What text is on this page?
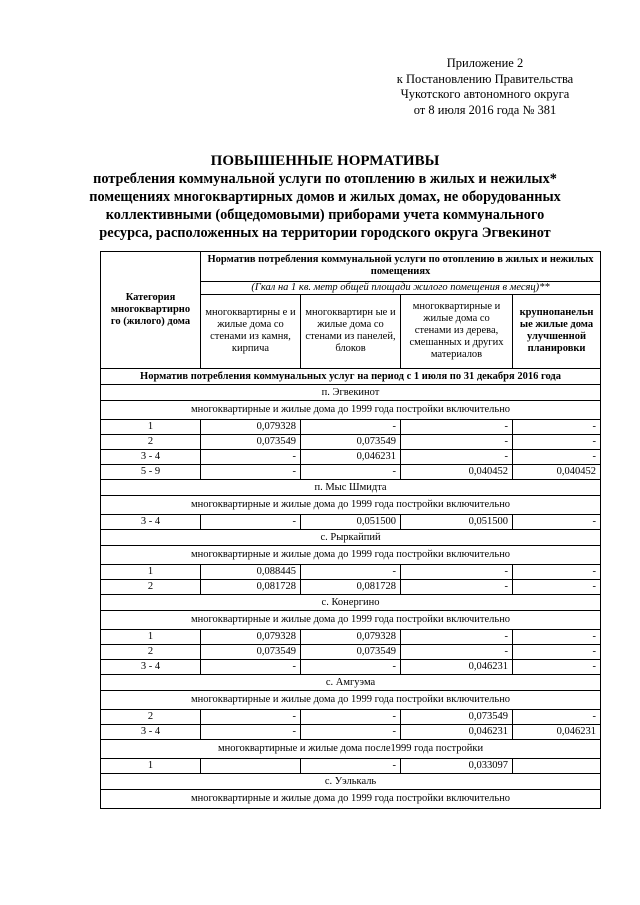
Приложение 2
к Постановлению Правительства
Чукотского автономного округа
от 8 июля 2016 года № 381
ПОВЫШЕННЫЕ НОРМАТИВЫ
потребления коммунальной услуги по отоплению в жилых и нежилых*
помещениях многоквартирных домов и жилых домах, не оборудованных
коллективными (общедомовыми) приборами учета коммунального
ресурса, расположенных на территории городского округа Эгвекинот
Категория многоквартирно го (жилого) дома	Норматив потребления коммунальной услуги по отоплению в жилых и нежилых помещениях			
	(Гкал на 1 кв. метр общей площади жилого помещения в месяц)**			
	многоквартирны е и жилые дома со стенами из камня, кирпича	многоквартирн ые и жилые дома со стенами из панелей, блоков	многоквартирные и жилые дома со стенами из дерева, смешанных и других материалов	крупнопанельн ые жилые дома улучшенной планировки
Норматив потребления коммунальных услуг на период с 1 июля по 31 декабря 2016 года				
п. Эгвекинот				
многоквартирные и жилые дома до 1999 года постройки включительно				
1	0,079328	-	-	-
2	0,073549	0,073549	-	-
3 - 4	-	0,046231	-	-
5 - 9	-	-	0,040452	0,040452
п. Мыс Шмидта				
многоквартирные и жилые дома до 1999 года постройки включительно				
3 - 4	-	0,051500	0,051500	-
с. Рыркайпий				
многоквартирные и жилые дома до 1999 года постройки включительно				
1	0,088445	-	-	-
2	0,081728	0,081728	-	-
с. Конергино				
многоквартирные и жилые дома до 1999 года постройки включительно				
1	0,079328	0,079328	-	-
2	0,073549	0,073549	-	-
3 - 4	-	-	0,046231	-
с. Амгуэма				
многоквартирные и жилые дома до 1999 года постройки включительно				
2	-	-	0,073549	-
3 - 4	-	-	0,046231	0,046231
многоквартирные и жилые дома после1999 года постройки				
1		-	0,033097	
с. Уэлькаль				
многоквартирные и жилые дома до 1999 года постройки включительно				
